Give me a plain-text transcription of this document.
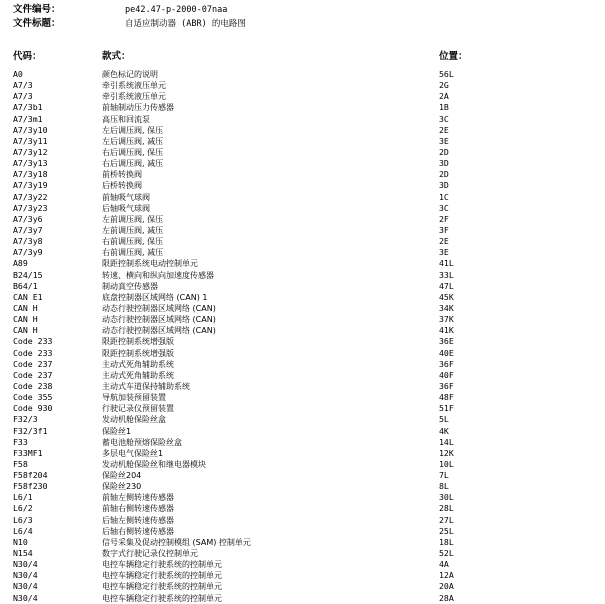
文件编号：	pe42.47-p-2000-07naa
文件标题：	自适应制动器 (ABR) 的电路图
代码：	款式：	位置：
A0	颜色标记的说明	56L
A7/3	牵引系统液压单元	2G
A7/3	牵引系统液压单元	2A
A7/3b1	前轴制动压力传感器	1B
A7/3m1	高压和回流泵	3C
A7/3y10	左后调压阀, 保压	2E
A7/3y11	左后调压阀, 减压	3E
A7/3y12	右后调压阀, 保压	2D
A7/3y13	右后调压阀, 减压	3D
A7/3y18	前桥转换阀	2D
A7/3y19	后桥转换阀	3D
A7/3y22	前轴吸气球阀	1C
A7/3y23	后轴吸气球阀	3C
A7/3y6	左前调压阀, 保压	2F
A7/3y7	左前调压阀, 减压	3F
A7/3y8	右前调压阀, 保压	2E
A7/3y9	右前调压阀, 减压	3E
A89	限距控制系统电动控制单元	41L
B24/15	转速、横向和纵向加速度传感器	33L
B64/1	制动真空传感器	47L
CAN E1	底盘控制器区域网络 (CAN) 1	45K
CAN H	动态行驶控制器区域网络 (CAN)	34K
CAN H	动态行驶控制器区域网络 (CAN)	37K
CAN H	动态行驶控制器区域网络 (CAN)	41K
Code 233	限距控制系统增强版	36E
Code 233	限距控制系统增强版	40E
Code 237	主动式死角辅助系统	36F
Code 237	主动式死角辅助系统	40F
Code 238	主动式车道保持辅助系统	36F
Code 355	导航加装预留装置	48F
Code 930	行驶记录仪预留装置	51F
F32/3	发动机舱保险丝盒	5L
F32/3f1	保险丝1	4K
F33	蓄电池舱预熔保险丝盒	14L
F33MF1	多层电气保险丝1	12K
F58	发动机舱保险丝和继电器模块	10L
F58f204	保险丝204	7L
F58f230	保险丝230	8L
L6/1	前轴左侧转速传感器	30L
L6/2	前轴右侧转速传感器	28L
L6/3	后轴左侧转速传感器	27L
L6/4	后轴右侧转速传感器	25L
N10	信号采集及促动控制模组 (SAM) 控制单元	18L
N154	数字式行驶记录仪控制单元	52L
N30/4	电控车辆稳定行驶系统的控制单元	4A
N30/4	电控车辆稳定行驶系统的控制单元	12A
N30/4	电控车辆稳定行驶系统的控制单元	20A
N30/4	电控车辆稳定行驶系统的控制单元	28A
